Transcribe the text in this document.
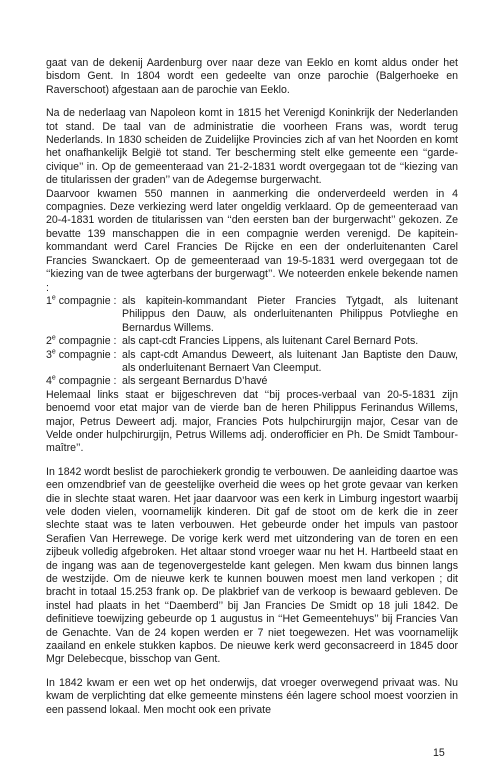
gaat van de dekenij Aardenburg over naar deze van Eeklo en komt aldus onder het bisdom Gent. In 1804 wordt een gedeelte van onze parochie (Balgerhoeke en Raverschoot) afgestaan aan de parochie van Eeklo.

Na de nederlaag van Napoleon komt in 1815 het Verenigd Koninkrijk der Nederlanden tot stand. De taal van de administratie die voorheen Frans was, wordt terug Nederlands. In 1830 scheiden de Zuidelijke Provincies zich af van het Noorden en komt het onafhankelijk België tot stand. Ter bescherming stelt elke gemeente een ‘‘garde-civique’’ in. Op de gemeenteraad van 21-2-1831 wordt overgegaan tot de ‘‘kiezing van de titularissen der graden’’ van de Adegemse burgerwacht.

Daarvoor kwamen 550 mannen in aanmerking die onderverdeeld werden in 4 compagnies. Deze verkiezing werd later ongeldig verklaard. Op de gemeenteraad van 20-4-1831 worden de titularissen van ‘‘den eersten ban der burgerwacht’’ gekozen. Ze bevatte 139 manschappen die in een compagnie werden verenigd. De kapitein-kommandant werd Carel Francies De Rijcke en een der onderluitenanten Carel Francies Swanckaert. Op de gemeenteraad van 19-5-1831 werd overgegaan tot de ‘‘kiezing van de twee agterbans der burgerwagt’’. We noteerden enkele bekende namen :

1e compagnie : als kapitein-kommandant Pieter Francies Tytgadt, als luitenant Philippus den Dauw, als onderluitenanten Philippus Potvlieghe en Bernardus Willems.
2e compagnie : als capt-cdt Francies Lippens, als luitenant Carel Bernard Pots.
3e compagnie : als capt-cdt Amandus Deweert, als luitenant Jan Baptiste den Dauw, als onderluitenant Bernaert Van Cleemput.
4e compagnie : als sergeant Bernardus D’havé

Helemaal links staat er bijgeschreven dat ‘‘bij proces-verbaal van 20-5-1831 zijn benoemd voor etat major van de vierde ban de heren Philippus Ferinandus Willems, major, Petrus Deweert adj. major, Francies Pots hulpchirurgijn major, Cesar van de Velde onder hulpchirurgijn, Petrus Willems adj. onderofficier en Ph. De Smidt Tambour-maître’’.

In 1842 wordt beslist de parochiekerk grondig te verbouwen. De aanleiding daartoe was een omzendbrief van de geestelijke overheid die wees op het grote gevaar van kerken die in slechte staat waren. Het jaar daarvoor was een kerk in Limburg ingestort waarbij vele doden vielen, voornamelijk kinderen. Dit gaf de stoot om de kerk die in zeer slechte staat was te laten verbouwen. Het gebeurde onder het impuls van pastoor Serafien Van Herrewege. De vorige kerk werd met uitzondering van de toren en een zijbeuk volledig afgebroken. Het altaar stond vroeger waar nu het H. Hartbeeld staat en de ingang was aan de tegenovergestelde kant gelegen. Men kwam dus binnen langs de westzijde. Om de nieuwe kerk te kunnen bouwen moest men land verkopen ; dit bracht in totaal 15.253 frank op. De plakbrief van de verkoop is bewaard gebleven. De instel had plaats in het ‘‘Daemberd’’ bij Jan Francies De Smidt op 18 juli 1842. De definitieve toewijzing gebeurde op 1 augustus in ‘‘Het Gemeentehuys’’ bij Francies Van de Genachte. Van de 24 kopen werden er 7 niet toegewezen. Het was voornamelijk zaailand en enkele stukken kapbos. De nieuwe kerk werd geconsacreerd in 1845 door Mgr Delebecque, bisschop van Gent.

In 1842 kwam er een wet op het onderwijs, dat vroeger overwegend privaat was. Nu kwam de verplichting dat elke gemeente minstens één lagere school moest voorzien in een passend lokaal. Men mocht ook een private

15
